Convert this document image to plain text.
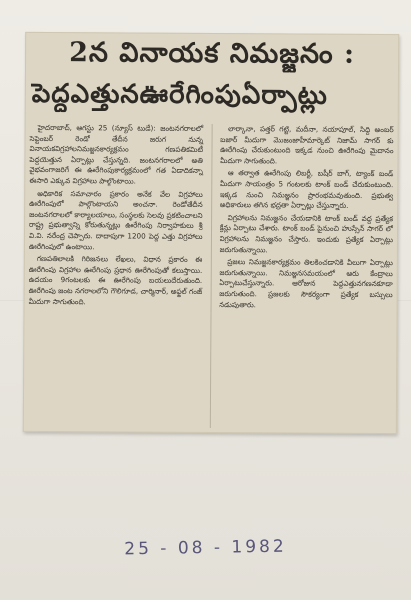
2న వినాయక నిమజ్జనం :
పెద్దఎత్తునఊరేగింపుఏర్పాట్లు

హైదరాబాద్, ఆగస్టు 25 (న్యూస్ టుడే): జంటనగరాలలో సెప్టెంబర్ రెండో తేదీన జరుగ నున్న వినాయకవిగ్రహాలనిమజ్జనకార్యక్రమం గణపతికమిటీ పెద్దయెత్తున ఏర్పాట్లు చేస్తున్నది. జంటనగరాలలో అతి వైభవంగాజరిగే ఈ ఊరేగింపుకార్యక్రమంలో గత ఏడాదికన్నా ఈసారి ఎక్కువ విగ్రహాలు పాల్గొంటాయి.

అధికారిక సమాచారం ప్రకారం అనేక వేల విగ్రహాలు ఊరేగింపులో పాల్గొంటాయని అంచనా. రెండోతేదీన జంటనగరాలలో కార్యాలయాలు, సంస్థలకు సెలవు ప్రకటించాలని రాష్ట్ర ప్రభుత్వాన్ని కోరుతున్నట్లు ఊరేగింపు నిర్వాహకులు శ్రీ వి.వి. నరేంద్ర చెప్పారు. దాదాపుగా 1200 పెద్ద ఎత్తు విగ్రహాలు ఊరేగింపులో ఉంటాయి.

గణపతిలాలకి గిరిజనలు లేఖలు, విధాన ప్రకారం ఈ ఊరేగింపు విగ్రహాల ఊరేగింపు ప్రధాన ఊరేగింపుతో కలుస్తాయి. ఉదయం 9గంటలకు ఈ ఊరేగింపు బయలుదేరుతుంది. ఊరేగింపు జంట నగరాలలోని గౌలిగూడ, చార్మినార్, అఫ్జల్ గంజ్ మీదుగా సాగుతుంది.

లార్కానా, పత్తర్ గట్టి, మదీనా, నయాపూల్, సిద్ది అంబర్ బజార్ మీదుగా మొజంజాహీమార్కెట్ నిజామ్ సాగర్ కు ఊరేగింపు చేరుకుంటుంది ఇక్కడ నుంచి ఊరేగింపు మైదానం మీదుగా సాగుతుంది.

ఆ తర్వాత ఊరేగింపు లిబర్టీ, బషీర్ బాగ్, ట్యాంక్ బండ్ మీదుగా సాయంత్రం 5 గంటలకు టాంక్ బండ్ చేరుకుంటుంది. ఇక్కడ నుంచి నిమజ్జనం ప్రారంభమవుతుంది. ప్రభుత్వ అధికారులు తగిన భద్రతా ఏర్పాట్లు చేస్తున్నారు.

విగ్రహాలను నిమజ్జనం చేయడానికి టాంక్ బండ్ వద్ద ప్రత్యేక క్రేన్లు ఏర్పాటు చేశారు. టాంక్ బండ్ పైనుంచి హుస్సేన్ సాగర్ లో విగ్రహాలను నిమజ్జనం చేస్తారు. ఇందుకు ప్రత్యేక ఏర్పాట్లు జరుగుతున్నాయి.

ప్రజలు నిమజ్జనకార్యక్రమం తిలకించడానికి వీలుగా ఏర్పాట్లు జరుగుతున్నాయి. నిమజ్జనసమయంలో ఆరు కేంద్రాలు ఏర్పాటుచేస్తున్నారు. ఆరోజున పెద్దఎత్తునగణనకూడా జరుగుతుంది. ప్రజలకు సౌకర్యంగా ప్రత్యేక బస్సులు నడుపుతారు.

25 - 08 - 1982
